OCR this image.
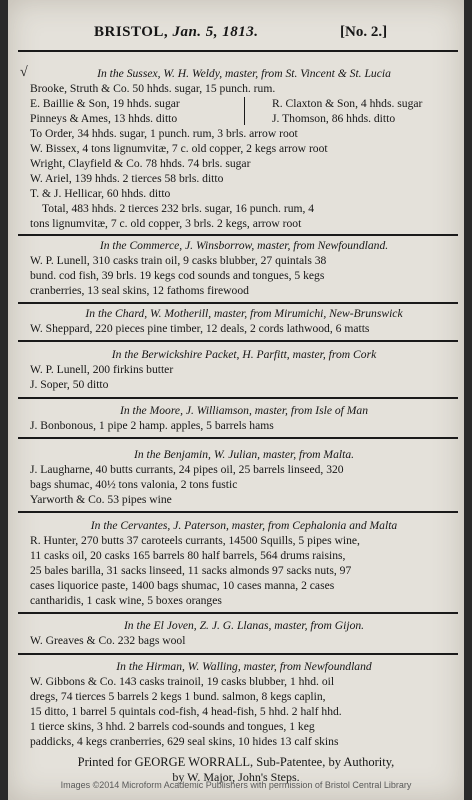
BRISTOL, Jan. 5, 1813.	[No. 2.]
√	In the Sussex, W. H. Weldy, master, from St. Vincent & St. Lucia
Brooke, Struth & Co. 50 hhds. sugar, 15 punch. rum.
E. Baillie & Son, 19 hhds. sugar	R. Claxton & Son, 4 hhds. sugar
Pinneys & Ames, 13 hhds. ditto	J. Thomson, 86 hhds. ditto
To Order, 34 hhds. sugar, 1 punch. rum, 3 brls. arrow root
W. Bissex, 4 tons lignumvitæ, 7 c. old copper, 2 kegs arrow root
Wright, Clayfield & Co. 78 hhds. 74 brls. sugar
W. Ariel, 139 hhds. 2 tierces 58 brls. ditto
T. & J. Hellicar, 60 hhds. ditto
Total, 483 hhds. 2 tierces 232 brls. sugar, 16 punch. rum, 4
tons lignumvitæ, 7 c. old copper, 3 brls. 2 kegs, arrow root
In the Commerce, J. Winsborrow, master, from Newfoundland.
W. P. Lunell, 310 casks train oil, 9 casks blubber, 27 quintals 38
bund. cod fish, 39 brls. 19 kegs cod sounds and tongues, 5 kegs
cranberries, 13 seal skins, 12 fathoms firewood
In the Chard, W. Motherill, master, from Mirumichi, New-Brunswick
W. Sheppard, 220 pieces pine timber, 12 deals, 2 cords lathwood, 6 matts
In the Berwickshire Packet, H. Parfitt, master, from Cork
W. P. Lunell, 200 firkins butter
J. Soper, 50 ditto
In the Moore, J. Williamson, master, from Isle of Man
J. Bonbonous, 1 pipe 2 hamp. apples, 5 barrels hams
In the Benjamin, W. Julian, master, from Malta.
J. Laugharne, 40 butts currants, 24 pipes oil, 25 barrels linseed, 320
bags shumac, 40½ tons valonia, 2 tons fustic
Yarworth & Co. 53 pipes wine
In the Cervantes, J. Paterson, master, from Cephalonia and Malta
R. Hunter, 270 butts 37 caroteels currants, 14500 Squills, 5 pipes wine,
11 casks oil, 20 casks 165 barrels 80 half barrels, 564 drums raisins,
25 bales barilla, 31 sacks linseed, 11 sacks almonds 97 sacks nuts, 97
cases liquorice paste, 1400 bags shumac, 10 cases manna, 2 cases
cantharidis, 1 cask wine, 5 boxes oranges
In the El Joven, Z. J. G. Llanas, master, from Gijon.
W. Greaves & Co. 232 bags wool
In the Hirman, W. Walling, master, from Newfoundland
W. Gibbons & Co. 143 casks trainoil, 19 casks blubber, 1 hhd. oil
dregs, 74 tierces 5 barrels 2 kegs 1 bund. salmon, 8 kegs caplin,
15 ditto, 1 barrel 5 quintals cod-fish, 4 head-fish, 5 hhd. 2 half hhd.
1 tierce skins, 3 hhd. 2 barrels cod-sounds and tongues, 1 keg
paddicks, 4 kegs cranberries, 629 seal skins, 10 hides 13 calf skins
Printed for GEORGE WORRALL, Sub-Patentee, by Authority,
by W. Major, John's Steps.
Images ©2014 Microform Academic Publishers with permission of Bristol Central Library
